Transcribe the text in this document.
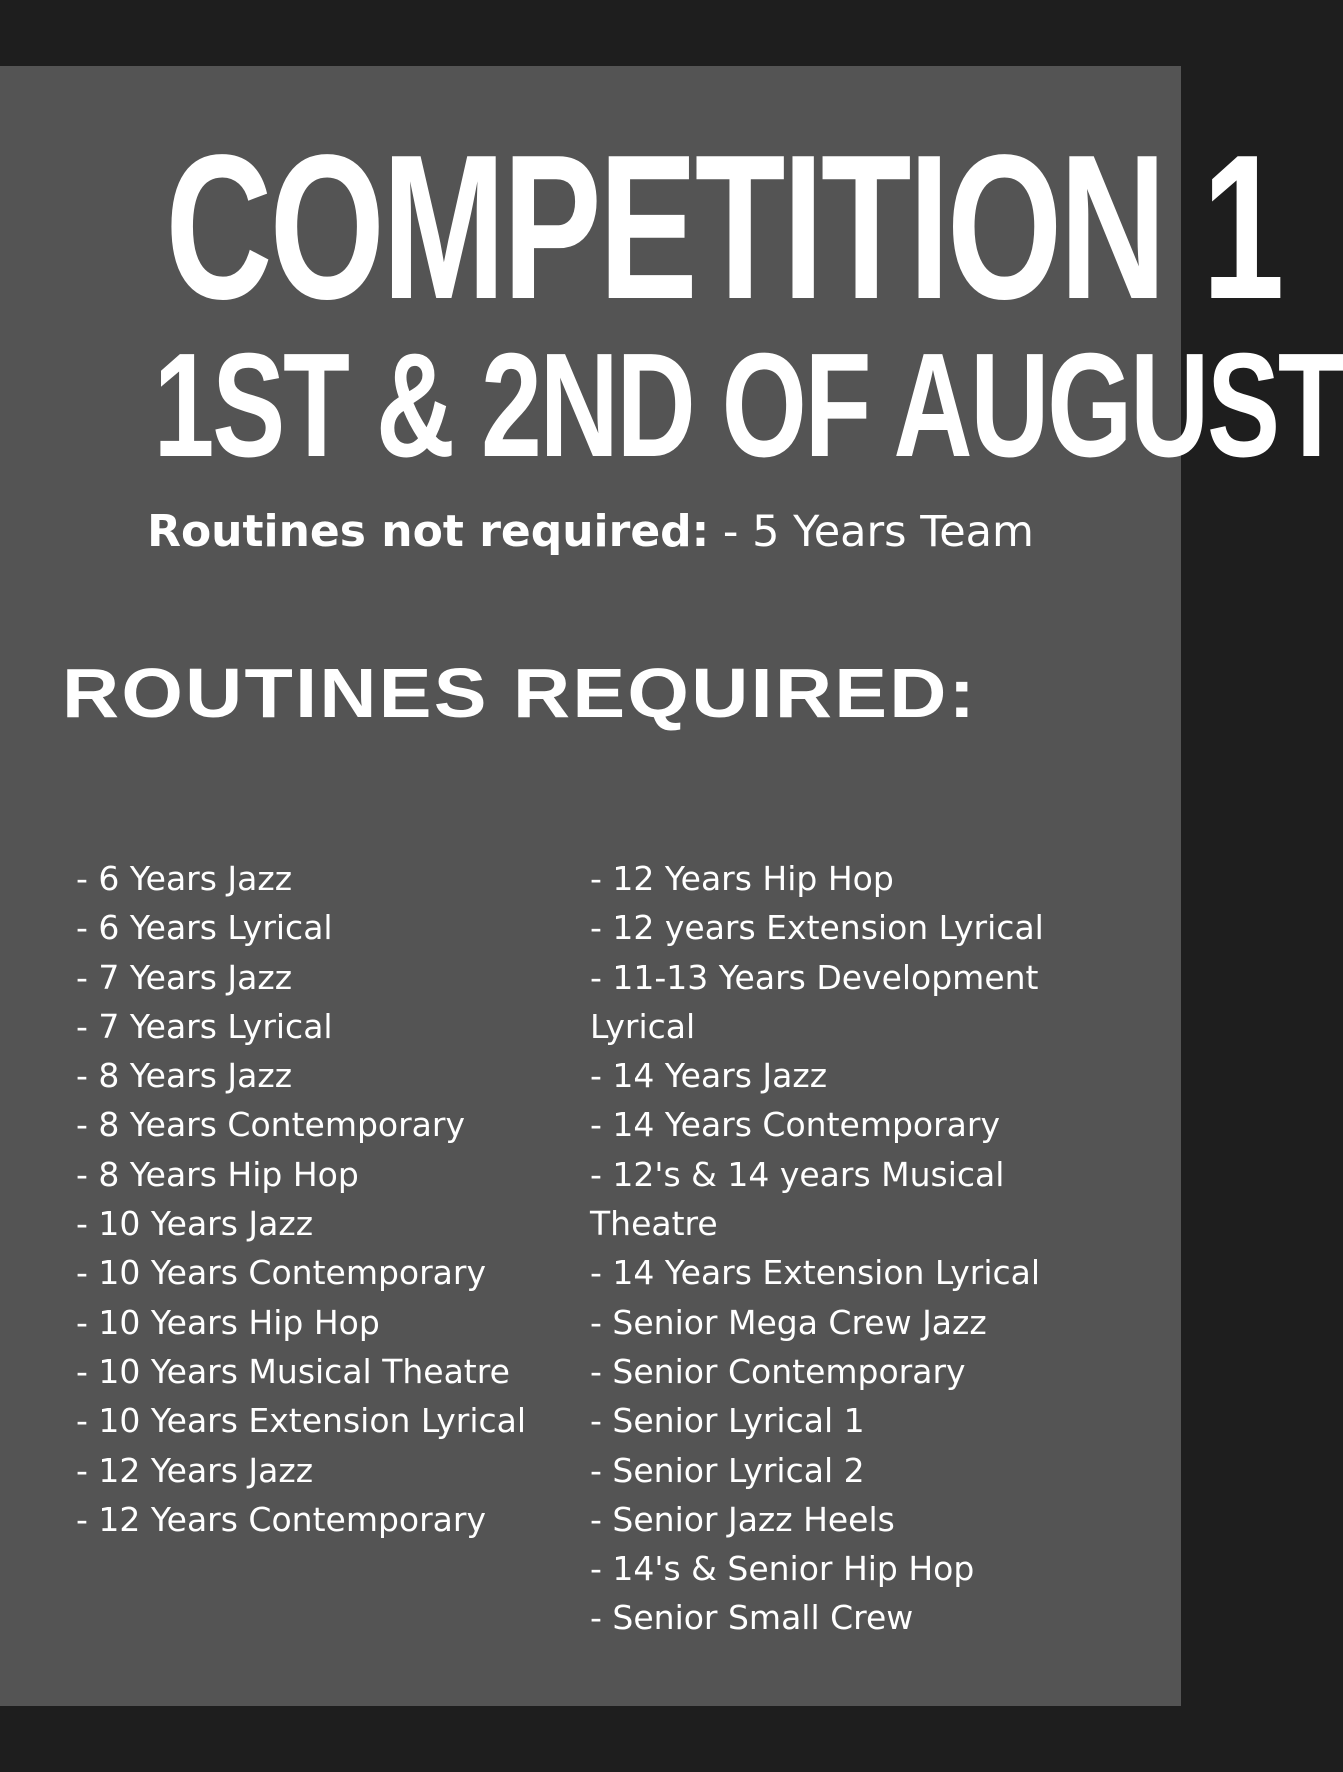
COMPETITION 1
1ST & 2ND OF AUGUST
Routines not required: - 5 Years Team
ROUTINES REQUIRED:
- 6 Years Jazz
- 6 Years Lyrical
- 7 Years Jazz
- 7 Years Lyrical
- 8 Years Jazz
- 8 Years Contemporary
- 8 Years Hip Hop
- 10 Years Jazz
- 10 Years Contemporary
- 10 Years Hip Hop
- 10 Years Musical Theatre
- 10 Years Extension Lyrical
- 12 Years Jazz
- 12 Years Contemporary
- 12 Years Hip Hop
- 12 years Extension Lyrical
- 11-13 Years Development
Lyrical
- 14 Years Jazz
- 14 Years Contemporary
- 12's & 14 years Musical
Theatre
- 14 Years Extension Lyrical
- Senior Mega Crew Jazz
- Senior Contemporary
- Senior Lyrical 1
- Senior Lyrical 2
- Senior Jazz Heels
- 14's & Senior Hip Hop
- Senior Small Crew
